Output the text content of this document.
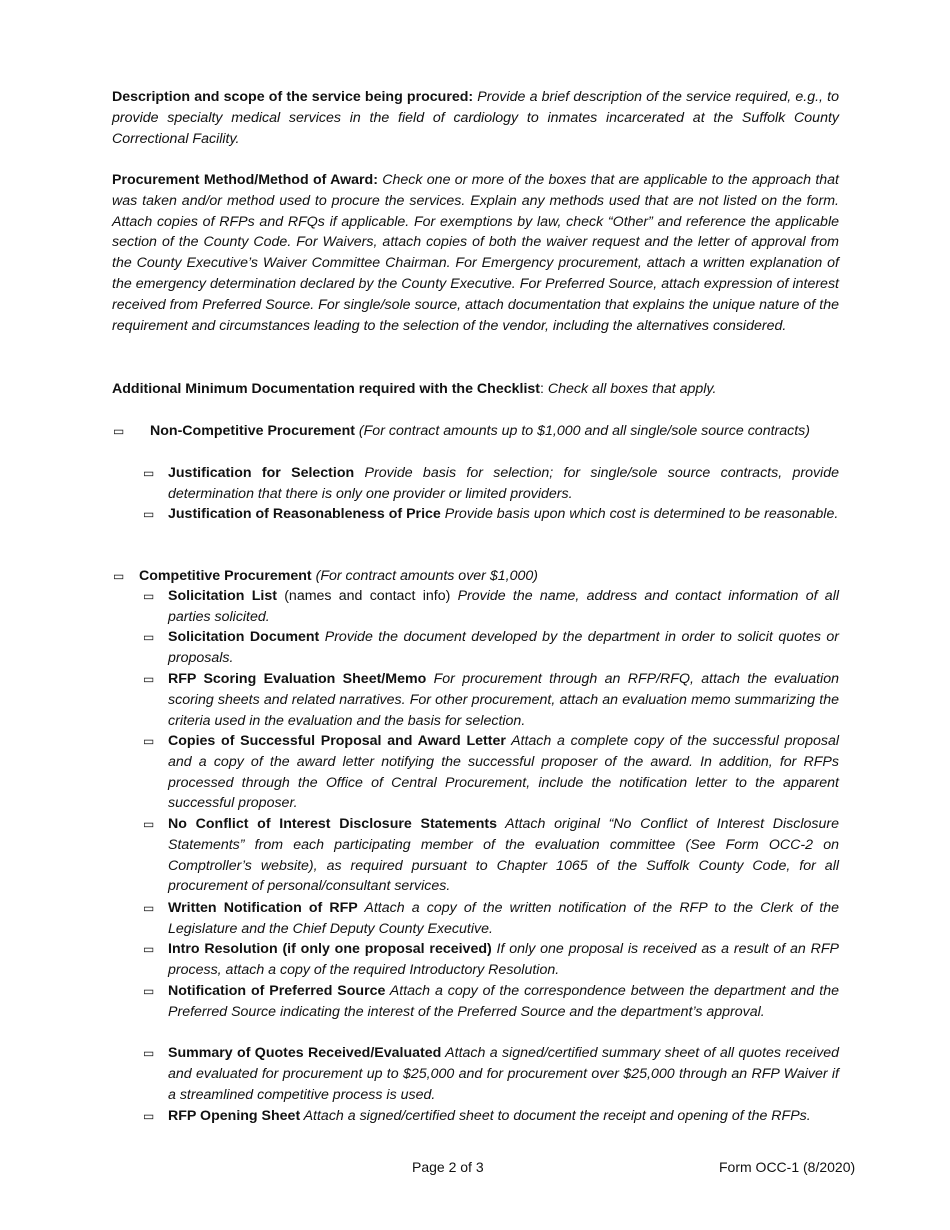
Description and scope of the service being procured: Provide a brief description of the service required, e.g., to provide specialty medical services in the field of cardiology to inmates incarcerated at the Suffolk County Correctional Facility.

Procurement Method/Method of Award: Check one or more of the boxes that are applicable to the approach that was taken and/or method used to procure the services. Explain any methods used that are not listed on the form. Attach copies of RFPs and RFQs if applicable. For exemptions by law, check “Other” and reference the applicable section of the County Code. For Waivers, attach copies of both the waiver request and the letter of approval from the County Executive’s Waiver Committee Chairman. For Emergency procurement, attach a written explanation of the emergency determination declared by the County Executive. For Preferred Source, attach expression of interest received from Preferred Source. For single/sole source, attach documentation that explains the unique nature of the requirement and circumstances leading to the selection of the vendor, including the alternatives considered.

Additional Minimum Documentation required with the Checklist: Check all boxes that apply.

▭ Non-Competitive Procurement (For contract amounts up to $1,000 and all single/sole source contracts)
▭ Justification for Selection Provide basis for selection; for single/sole source contracts, provide determination that there is only one provider or limited providers.
▭ Justification of Reasonableness of Price Provide basis upon which cost is determined to be reasonable.
▭ Competitive Procurement (For contract amounts over $1,000)
▭ Solicitation List (names and contact info) Provide the name, address and contact information of all parties solicited.
▭ Solicitation Document Provide the document developed by the department in order to solicit quotes or proposals.
▭ RFP Scoring Evaluation Sheet/Memo For procurement through an RFP/RFQ, attach the evaluation scoring sheets and related narratives. For other procurement, attach an evaluation memo summarizing the criteria used in the evaluation and the basis for selection.
▭ Copies of Successful Proposal and Award Letter Attach a complete copy of the successful proposal and a copy of the award letter notifying the successful proposer of the award. In addition, for RFPs processed through the Office of Central Procurement, include the notification letter to the apparent successful proposer.
▭ No Conflict of Interest Disclosure Statements Attach original “No Conflict of Interest Disclosure Statements” from each participating member of the evaluation committee (See Form OCC-2 on Comptroller’s website), as required pursuant to Chapter 1065 of the Suffolk County Code, for all procurement of personal/consultant services.
▭ Written Notification of RFP Attach a copy of the written notification of the RFP to the Clerk of the Legislature and the Chief Deputy County Executive.
▭ Intro Resolution (if only one proposal received) If only one proposal is received as a result of an RFP process, attach a copy of the required Introductory Resolution.
▭ Notification of Preferred Source Attach a copy of the correspondence between the department and the Preferred Source indicating the interest of the Preferred Source and the department’s approval.
▭ Summary of Quotes Received/Evaluated Attach a signed/certified summary sheet of all quotes received and evaluated for procurement up to $25,000 and for procurement over $25,000 through an RFP Waiver if a streamlined competitive process is used.
▭ RFP Opening Sheet Attach a signed/certified sheet to document the receipt and opening of the RFPs.
Page 2 of 3	Form OCC-1 (8/2020)
